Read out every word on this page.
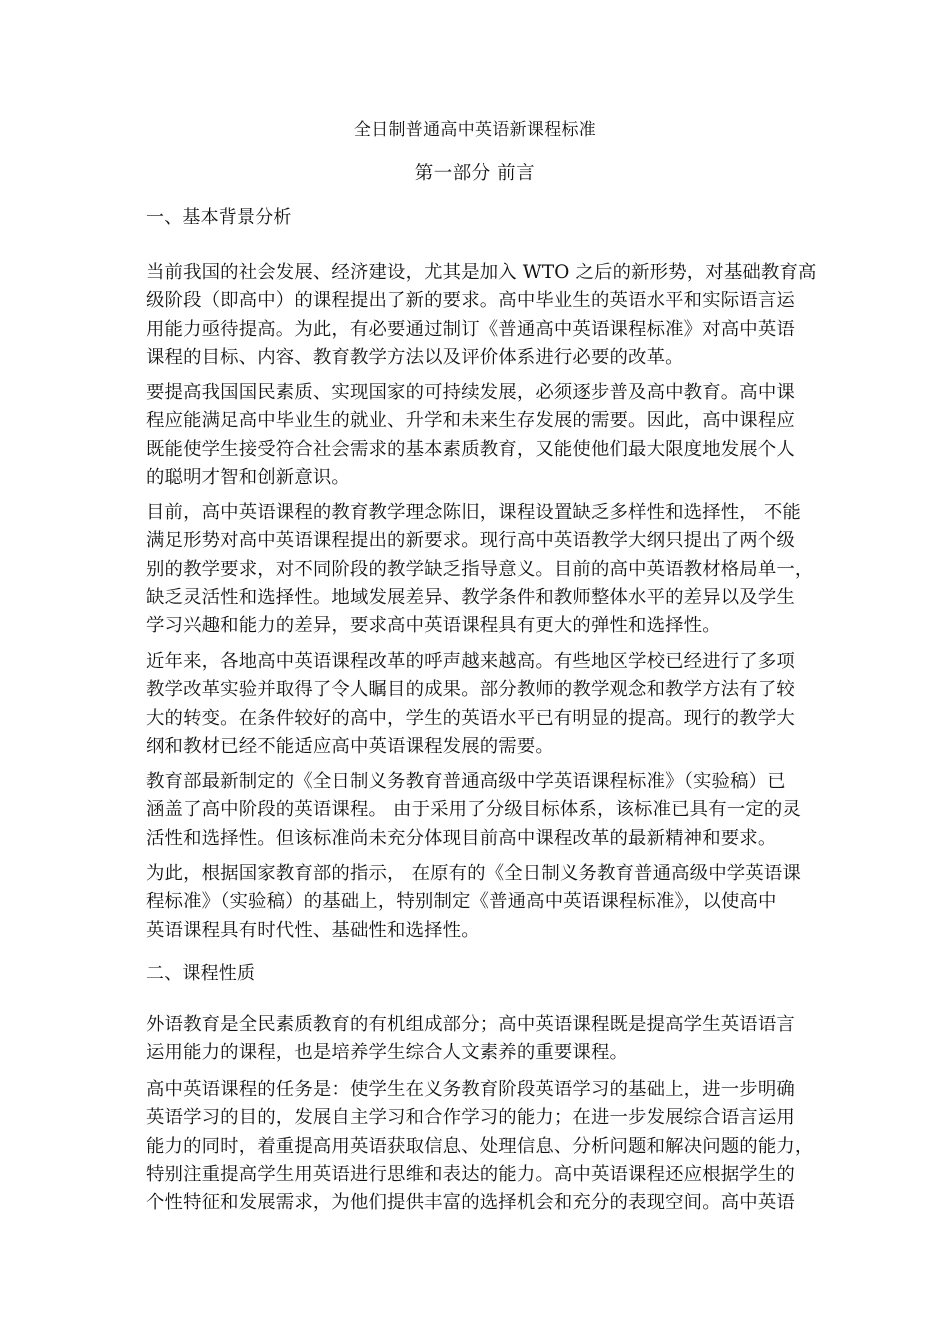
全日制普通高中英语新课程标准
第一部分 前言
一、基本背景分析
当前我国的社会发展、经济建设，尤其是加入 WTO 之后的新形势，对基础教育高
级阶段（即高中）的课程提出了新的要求。高中毕业生的英语水平和实际语言运
用能力亟待提高。为此，有必要通过制订《普通高中英语课程标准》对高中英语
课程的目标、内容、教育教学方法以及评价体系进行必要的改革。
要提高我国国民素质、实现国家的可持续发展，必须逐步普及高中教育。高中课
程应能满足高中毕业生的就业、升学和未来生存发展的需要。因此，高中课程应
既能使学生接受符合社会需求的基本素质教育，又能使他们最大限度地发展个人
的聪明才智和创新意识。
目前，高中英语课程的教育教学理念陈旧，课程设置缺乏多样性和选择性， 不能
满足形势对高中英语课程提出的新要求。现行高中英语教学大纲只提出了两个级
别的教学要求，对不同阶段的教学缺乏指导意义。目前的高中英语教材格局单一，
缺乏灵活性和选择性。地域发展差异、教学条件和教师整体水平的差异以及学生
学习兴趣和能力的差异，要求高中英语课程具有更大的弹性和选择性。
近年来，各地高中英语课程改革的呼声越来越高。有些地区学校已经进行了多项
教学改革实验并取得了令人瞩目的成果。部分教师的教学观念和教学方法有了较
大的转变。在条件较好的高中，学生的英语水平已有明显的提高。现行的教学大
纲和教材已经不能适应高中英语课程发展的需要。
教育部最新制定的《全日制义务教育普通高级中学英语课程标准》（实验稿）已
涵盖了高中阶段的英语课程。 由于采用了分级目标体系，该标准已具有一定的灵
活性和选择性。但该标准尚未充分体现目前高中课程改革的最新精神和要求。
为此，根据国家教育部的指示， 在原有的《全日制义务教育普通高级中学英语课
程标准》（实验稿）的基础上，特别制定《普通高中英语课程标准》，以使高中
英语课程具有时代性、基础性和选择性。
二、课程性质
外语教育是全民素质教育的有机组成部分；高中英语课程既是提高学生英语语言
运用能力的课程，也是培养学生综合人文素养的重要课程。
高中英语课程的任务是：使学生在义务教育阶段英语学习的基础上，进一步明确
英语学习的目的，发展自主学习和合作学习的能力；在进一步发展综合语言运用
能力的同时，着重提高用英语获取信息、处理信息、分析问题和解决问题的能力，
特别注重提高学生用英语进行思维和表达的能力。高中英语课程还应根据学生的
个性特征和发展需求，为他们提供丰富的选择机会和充分的表现空间。高中英语
